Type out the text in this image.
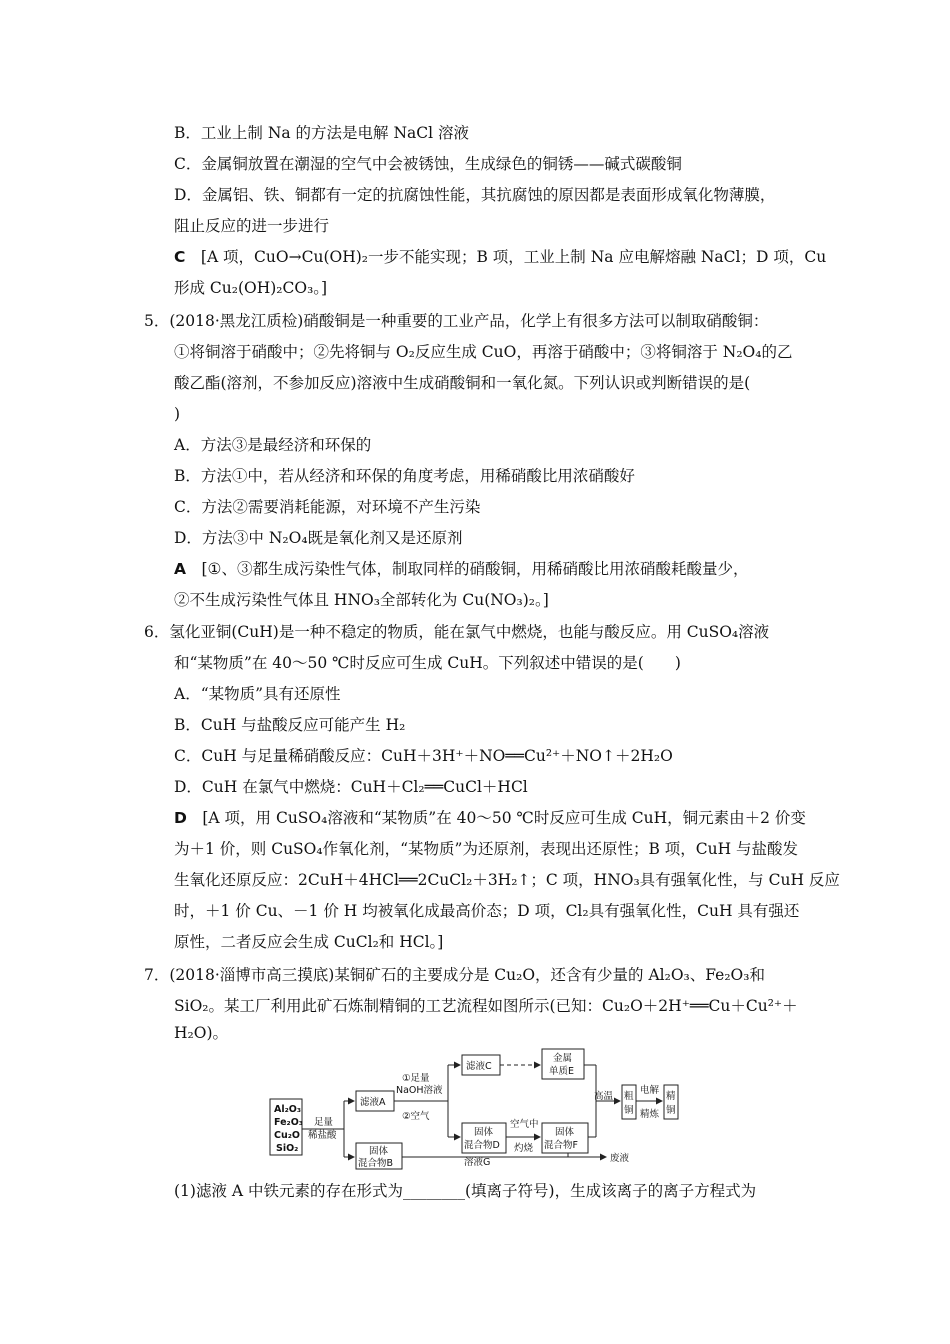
B．工业上制 Na 的方法是电解 NaCl 溶液
C．金属铜放置在潮湿的空气中会被锈蚀，生成绿色的铜锈——碱式碳酸铜
D．金属铝、铁、铜都有一定的抗腐蚀性能，其抗腐蚀的原因都是表面形成氧化物薄膜，
阻止反应的进一步进行
C  [A 项，CuO→Cu(OH)₂一步不能实现；B 项，工业上制 Na 应电解熔融 NaCl；D 项，Cu
形成 Cu₂(OH)₂CO₃。]
5．(2018·黑龙江质检)硝酸铜是一种重要的工业产品，化学上有很多方法可以制取硝酸铜：
①将铜溶于硝酸中；②先将铜与 O₂反应生成 CuO，再溶于硝酸中；③将铜溶于 N₂O₄的乙
酸乙酯(溶剂，不参加反应)溶液中生成硝酸铜和一氧化氮。下列认识或判断错误的是(
)
A．方法③是最经济和环保的
B．方法①中，若从经济和环保的角度考虑，用稀硝酸比用浓硝酸好
C．方法②需要消耗能源，对环境不产生污染
D．方法③中 N₂O₄既是氧化剂又是还原剂
A  [①、③都生成污染性气体，制取同样的硝酸铜，用稀硝酸比用浓硝酸耗酸量少，
②不生成污染性气体且 HNO₃全部转化为 Cu(NO₃)₂。]
6．氢化亚铜(CuH)是一种不稳定的物质，能在氯气中燃烧，也能与酸反应。用 CuSO₄溶液
和“某物质”在 40～50 ℃时反应可生成 CuH。下列叙述中错误的是(　　)
A．“某物质”具有还原性
B．CuH 与盐酸反应可能产生 H₂
C．CuH 与足量稀硝酸反应：CuH＋3H⁺＋NO══Cu²⁺＋NO↑＋2H₂O
D．CuH 在氯气中燃烧：CuH＋Cl₂══CuCl＋HCl
D  [A 项，用 CuSO₄溶液和“某物质”在 40～50 ℃时反应可生成 CuH，铜元素由＋2 价变
为＋1 价，则 CuSO₄作氧化剂，“某物质”为还原剂，表现出还原性；B 项，CuH 与盐酸发
生氧化还原反应：2CuH＋4HCl══2CuCl₂＋3H₂↑；C 项，HNO₃具有强氧化性，与 CuH 反应
时，＋1 价 Cu、－1 价 H 均被氧化成最高价态；D 项，Cl₂具有强氧化性，CuH 具有强还
原性，二者反应会生成 CuCl₂和 HCl。]
7．(2018·淄博市高三摸底)某铜矿石的主要成分是 Cu₂O，还含有少量的 Al₂O₃、Fe₂O₃和
SiO₂。某工厂利用此矿石炼制精铜的工艺流程如图所示(已知：Cu₂O＋2H⁺══Cu＋Cu²⁺＋
H₂O)。
Al₂O₃
Fe₂O₃
Cu₂O
SiO₂
足量
稀盐酸
滤液A
①足量
NaOH溶液
②空气
滤液C
金属
单质E
固体
混合物D
空气中
灼烧
固体
混合物F
高温 粗
铜
电解
精炼
精
铜
固体
混合物B	溶液G	废液
(1)滤液 A 中铁元素的存在形式为________(填离子符号)，生成该离子的离子方程式为
